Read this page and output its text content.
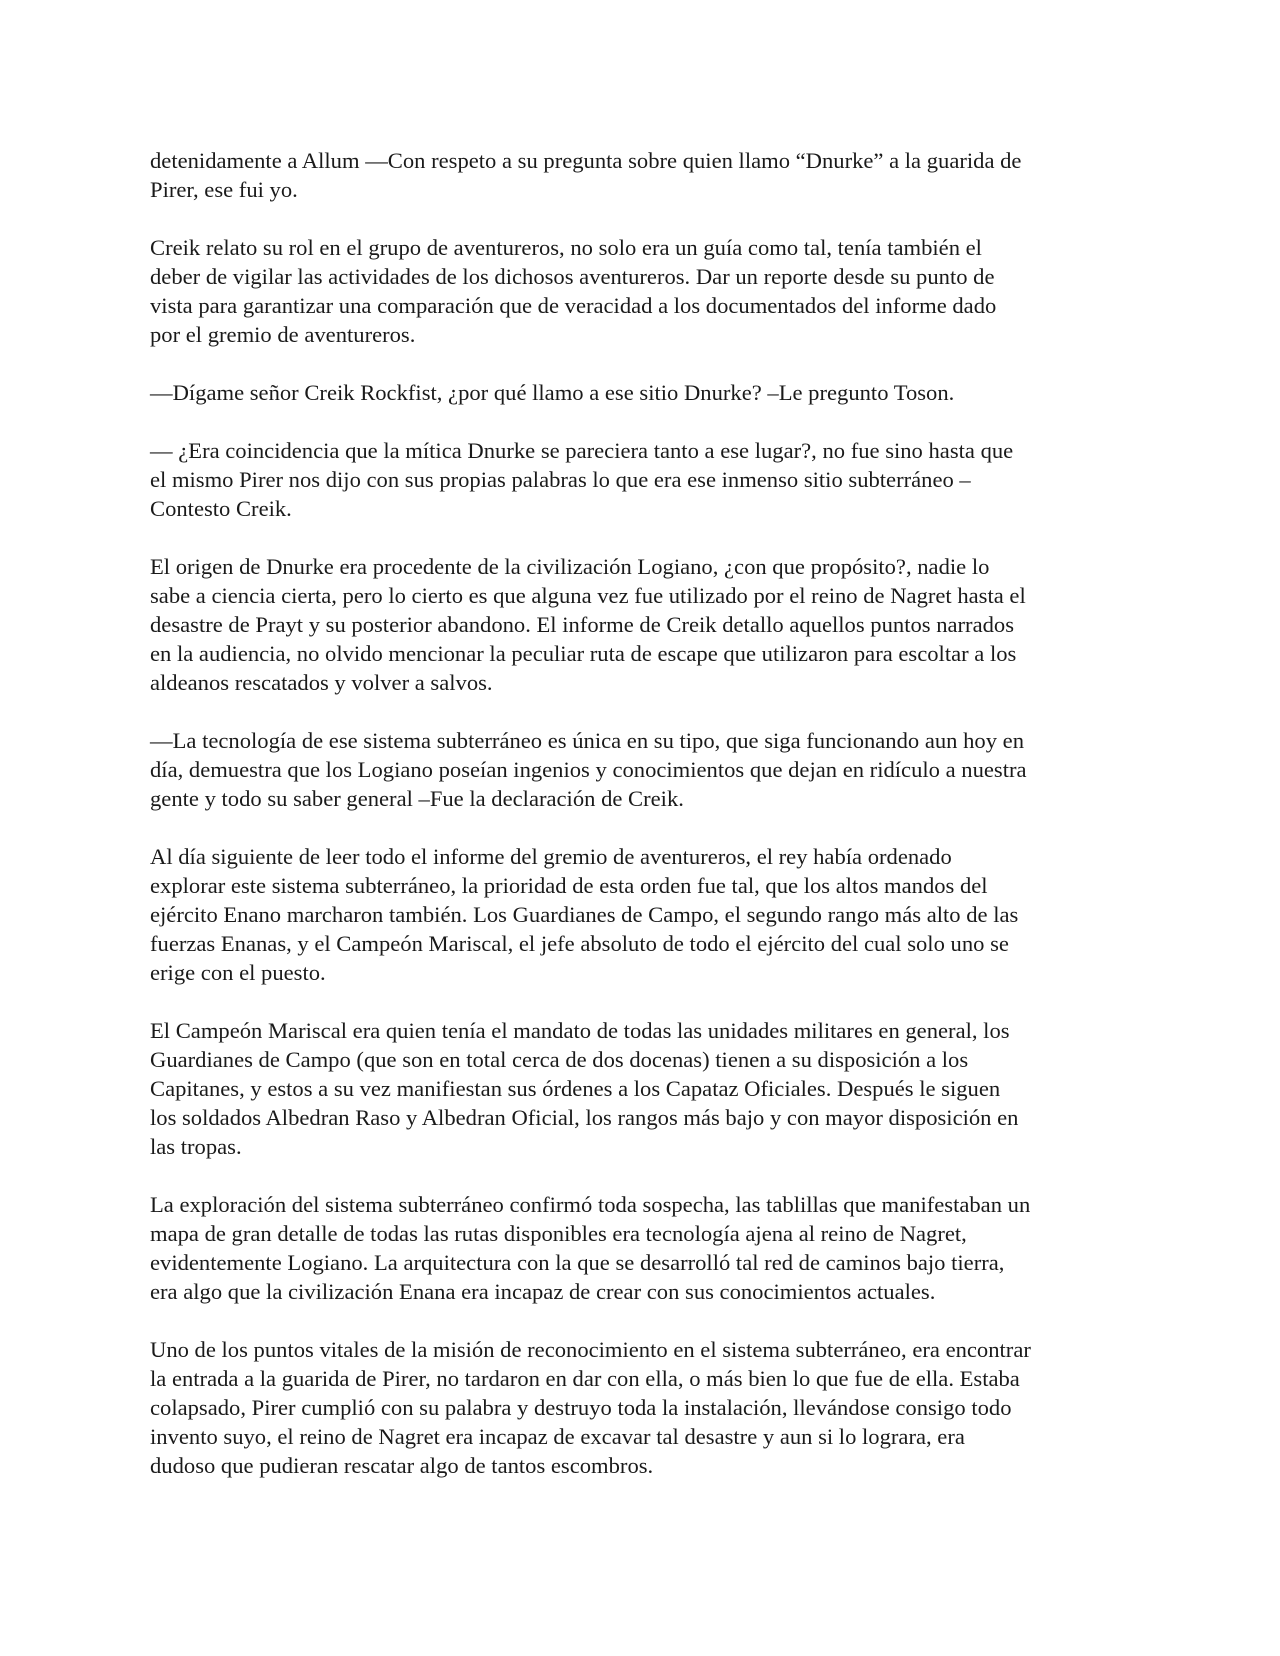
detenidamente a Allum —Con respeto a su pregunta sobre quien llamo “Dnurke” a la guarida de
Pirer, ese fui yo.

Creik relato su rol en el grupo de aventureros, no solo era un guía como tal, tenía también el
deber de vigilar las actividades de los dichosos aventureros. Dar un reporte desde su punto de
vista para garantizar una comparación que de veracidad a los documentados del informe dado
por el gremio de aventureros.

—Dígame señor Creik Rockfist, ¿por qué llamo a ese sitio Dnurke? –Le pregunto Toson.

— ¿Era coincidencia que la mítica Dnurke se pareciera tanto a ese lugar?, no fue sino hasta que
el mismo Pirer nos dijo con sus propias palabras lo que era ese inmenso sitio subterráneo –
Contesto Creik.

El origen de Dnurke era procedente de la civilización Logiano, ¿con que propósito?, nadie lo
sabe a ciencia cierta, pero lo cierto es que alguna vez fue utilizado por el reino de Nagret hasta el
desastre de Prayt y su posterior abandono. El informe de Creik detallo aquellos puntos narrados
en la audiencia, no olvido mencionar la peculiar ruta de escape que utilizaron para escoltar a los
aldeanos rescatados y volver a salvos.

—La tecnología de ese sistema subterráneo es única en su tipo, que siga funcionando aun hoy en
día, demuestra que los Logiano poseían ingenios y conocimientos que dejan en ridículo a nuestra
gente y todo su saber general –Fue la declaración de Creik.

Al día siguiente de leer todo el informe del gremio de aventureros, el rey había ordenado
explorar este sistema subterráneo, la prioridad de esta orden fue tal, que los altos mandos del
ejército Enano marcharon también. Los Guardianes de Campo, el segundo rango más alto de las
fuerzas Enanas, y el Campeón Mariscal, el jefe absoluto de todo el ejército del cual solo uno se
erige con el puesto.

El Campeón Mariscal era quien tenía el mandato de todas las unidades militares en general, los
Guardianes de Campo (que son en total cerca de dos docenas) tienen a su disposición a los
Capitanes, y estos a su vez manifiestan sus órdenes a los Capataz Oficiales. Después le siguen
los soldados Albedran Raso y Albedran Oficial, los rangos más bajo y con mayor disposición en
las tropas.

La exploración del sistema subterráneo confirmó toda sospecha, las tablillas que manifestaban un
mapa de gran detalle de todas las rutas disponibles era tecnología ajena al reino de Nagret,
evidentemente Logiano. La arquitectura con la que se desarrolló tal red de caminos bajo tierra,
era algo que la civilización Enana era incapaz de crear con sus conocimientos actuales.

Uno de los puntos vitales de la misión de reconocimiento en el sistema subterráneo, era encontrar
la entrada a la guarida de Pirer, no tardaron en dar con ella, o más bien lo que fue de ella. Estaba
colapsado, Pirer cumplió con su palabra y destruyo toda la instalación, llevándose consigo todo
invento suyo, el reino de Nagret era incapaz de excavar tal desastre y aun si lo lograra, era
dudoso que pudieran rescatar algo de tantos escombros.
